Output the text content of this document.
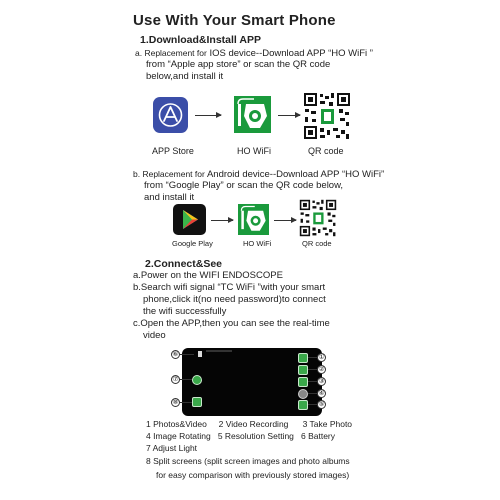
Use With Your Smart Phone
1.Download&Install APP
a. Replacement for IOS device--Download APP “HO WiFi ”
from “Apple app store” or scan the QR code
below,and install it
APP Store	HO WiFi	QR code
b. Replacement for Android device--Download APP “HO WiFi”
from “Google Play” or scan the QR code below,
and install it
Google Play	HO WiFi	QR code
2.Connect&See
a.Power on the WIFI ENDOSCOPE
b.Search wifi signal “TC WiFi ”with your smart
phone,click it(no need password)to connect
the wifi successfully
c.Open the APP,then you can see the real-time
video
⑥
⑦
⑧
①
②
③
④
⑤
1 Photos&Video     2 Video Recording      3 Take Photo
4 Image Rotating   5 Resolution Setting   6 Battery
7 Adjust Light
8 Split screens (split screen images and photo albums
for easy comparison with previously stored images)
